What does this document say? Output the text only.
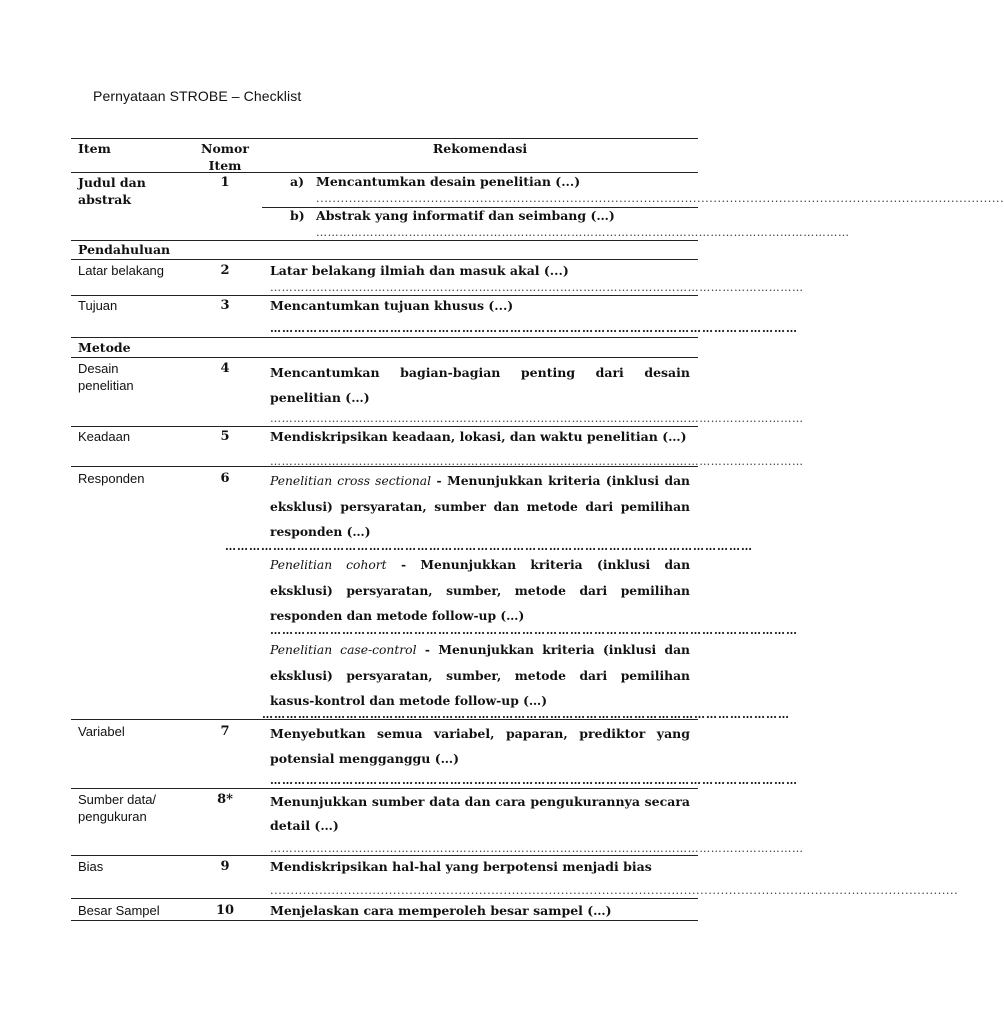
Pernyataan STROBE – Checklist
Item	Nomor Item
Rekomendasi
Judul dan abstrak
1	a) Mencantumkan desain penelitian (...)
........................................................................................................................................................................
b) Abstrak yang informatif dan seimbang (…)
…………………………………………………………………………………………………………………………
Pendahuluan
Latar belakang	2	Latar belakang ilmiah dan masuk akal (...)
…………………………………………………………………………………………………………………………
Tujuan	3	Mencantumkan tujuan khusus (...)
……………………………………………………………………………………………………………………
Metode
Desain penelitian
4	Mencantumkan bagian-bagian penting dari desain penelitian (…)
…………………………………………………………………………………………………………………………
Keadaan	5	Mendiskripsikan keadaan, lokasi, dan waktu penelitian (…)
…………………………………………………………………………………………………………………………
Responden	6	Penelitian cross sectional - Menunjukkan kriteria (inklusi dan eksklusi) persyaratan, sumber dan metode dari pemilihan responden (…)
……………………………………………………………………………………………………………………
Penelitian cohort - Menunjukkan kriteria (inklusi dan eksklusi) persyaratan, sumber, metode dari pemilihan responden dan metode follow-up (…)
……………………………………………………………………………………………………………………
Penelitian case-control - Menunjukkan kriteria (inklusi dan eksklusi) persyaratan, sumber, metode dari pemilihan kasus-kontrol dan metode follow-up (…)
……………………………………………………………………………………………………………………
Variabel	7	Menyebutkan semua variabel, paparan, prediktor yang potensial mengganggu (…)
……………………………………………………………………………………………………………………
Sumber data/ pengukuran
8*	Menunjukkan sumber data dan cara pengukurannya secara detail (…)
…………………………………………………………………………………………………………………………
Bias	9	Mendiskripsikan hal-hal yang berpotensi menjadi bias
........................................................................................................................................................................
Besar Sampel	10	Menjelaskan cara memperoleh besar sampel (…)
